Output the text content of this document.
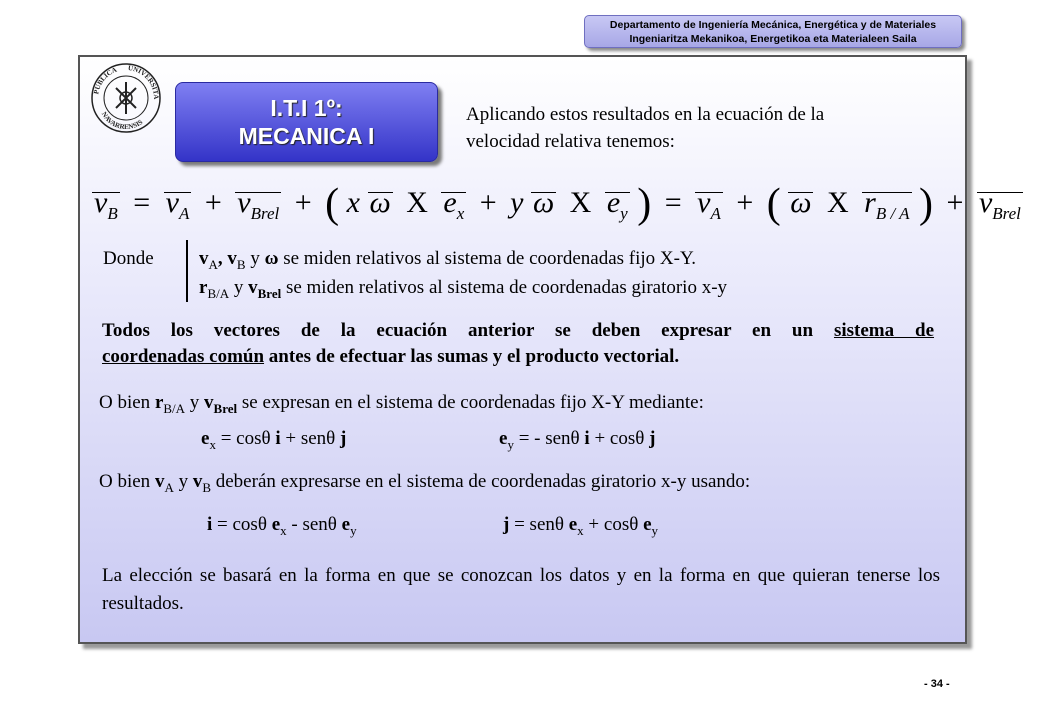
Departamento de Ingeniería Mecánica, Energética y de Materiales
Ingeniaritza Mekanikoa, Energetikoa eta Materialeen Saila
PUBLICA	UNIVERSITA
NAVARRENSIS
I.T.I 1º:
MECANICA I
Aplicando estos resultados en la ecuación de la
velocidad relativa tenemos:
$v_B = v_A + v_{Brel}$ + ( x ω X $e_x + y$ ω X $e_y$ ) = $v_A$ + ( ω X $r_{B / A}$ ) + $v_{Brel}$
Donde $v_A$, $v_B$ y ω se miden relativos al sistema de coordenadas fijo X-Y.
$r_{B/A}$ y $v_{Brel}$ se miden relativos al sistema de coordenadas giratorio x-y
Todos los vectores de la ecuación anterior se deben expresar en un sistema de
coordenadas común antes de efectuar las sumas y el producto vectorial.
O bien $r_{B/A}$ y $v_{Brel}$ se expresan en el sistema de coordenadas fijo X-Y mediante:
$e_x = \cos\theta$ i + senθ j	$e_y$ = - senθ i + cosθ j
O bien $v_A$ y $v_B$ deberán expresarse en el sistema de coordenadas giratorio x-y usando:
i = cosθ $e_x$ - senθ $e_y$	j = senθ $e_x + \cos\theta$ $e_y$
La elección se basará en la forma en que se conozcan los datos y en la forma en que quieran tenerse los resultados.
- 34 -
